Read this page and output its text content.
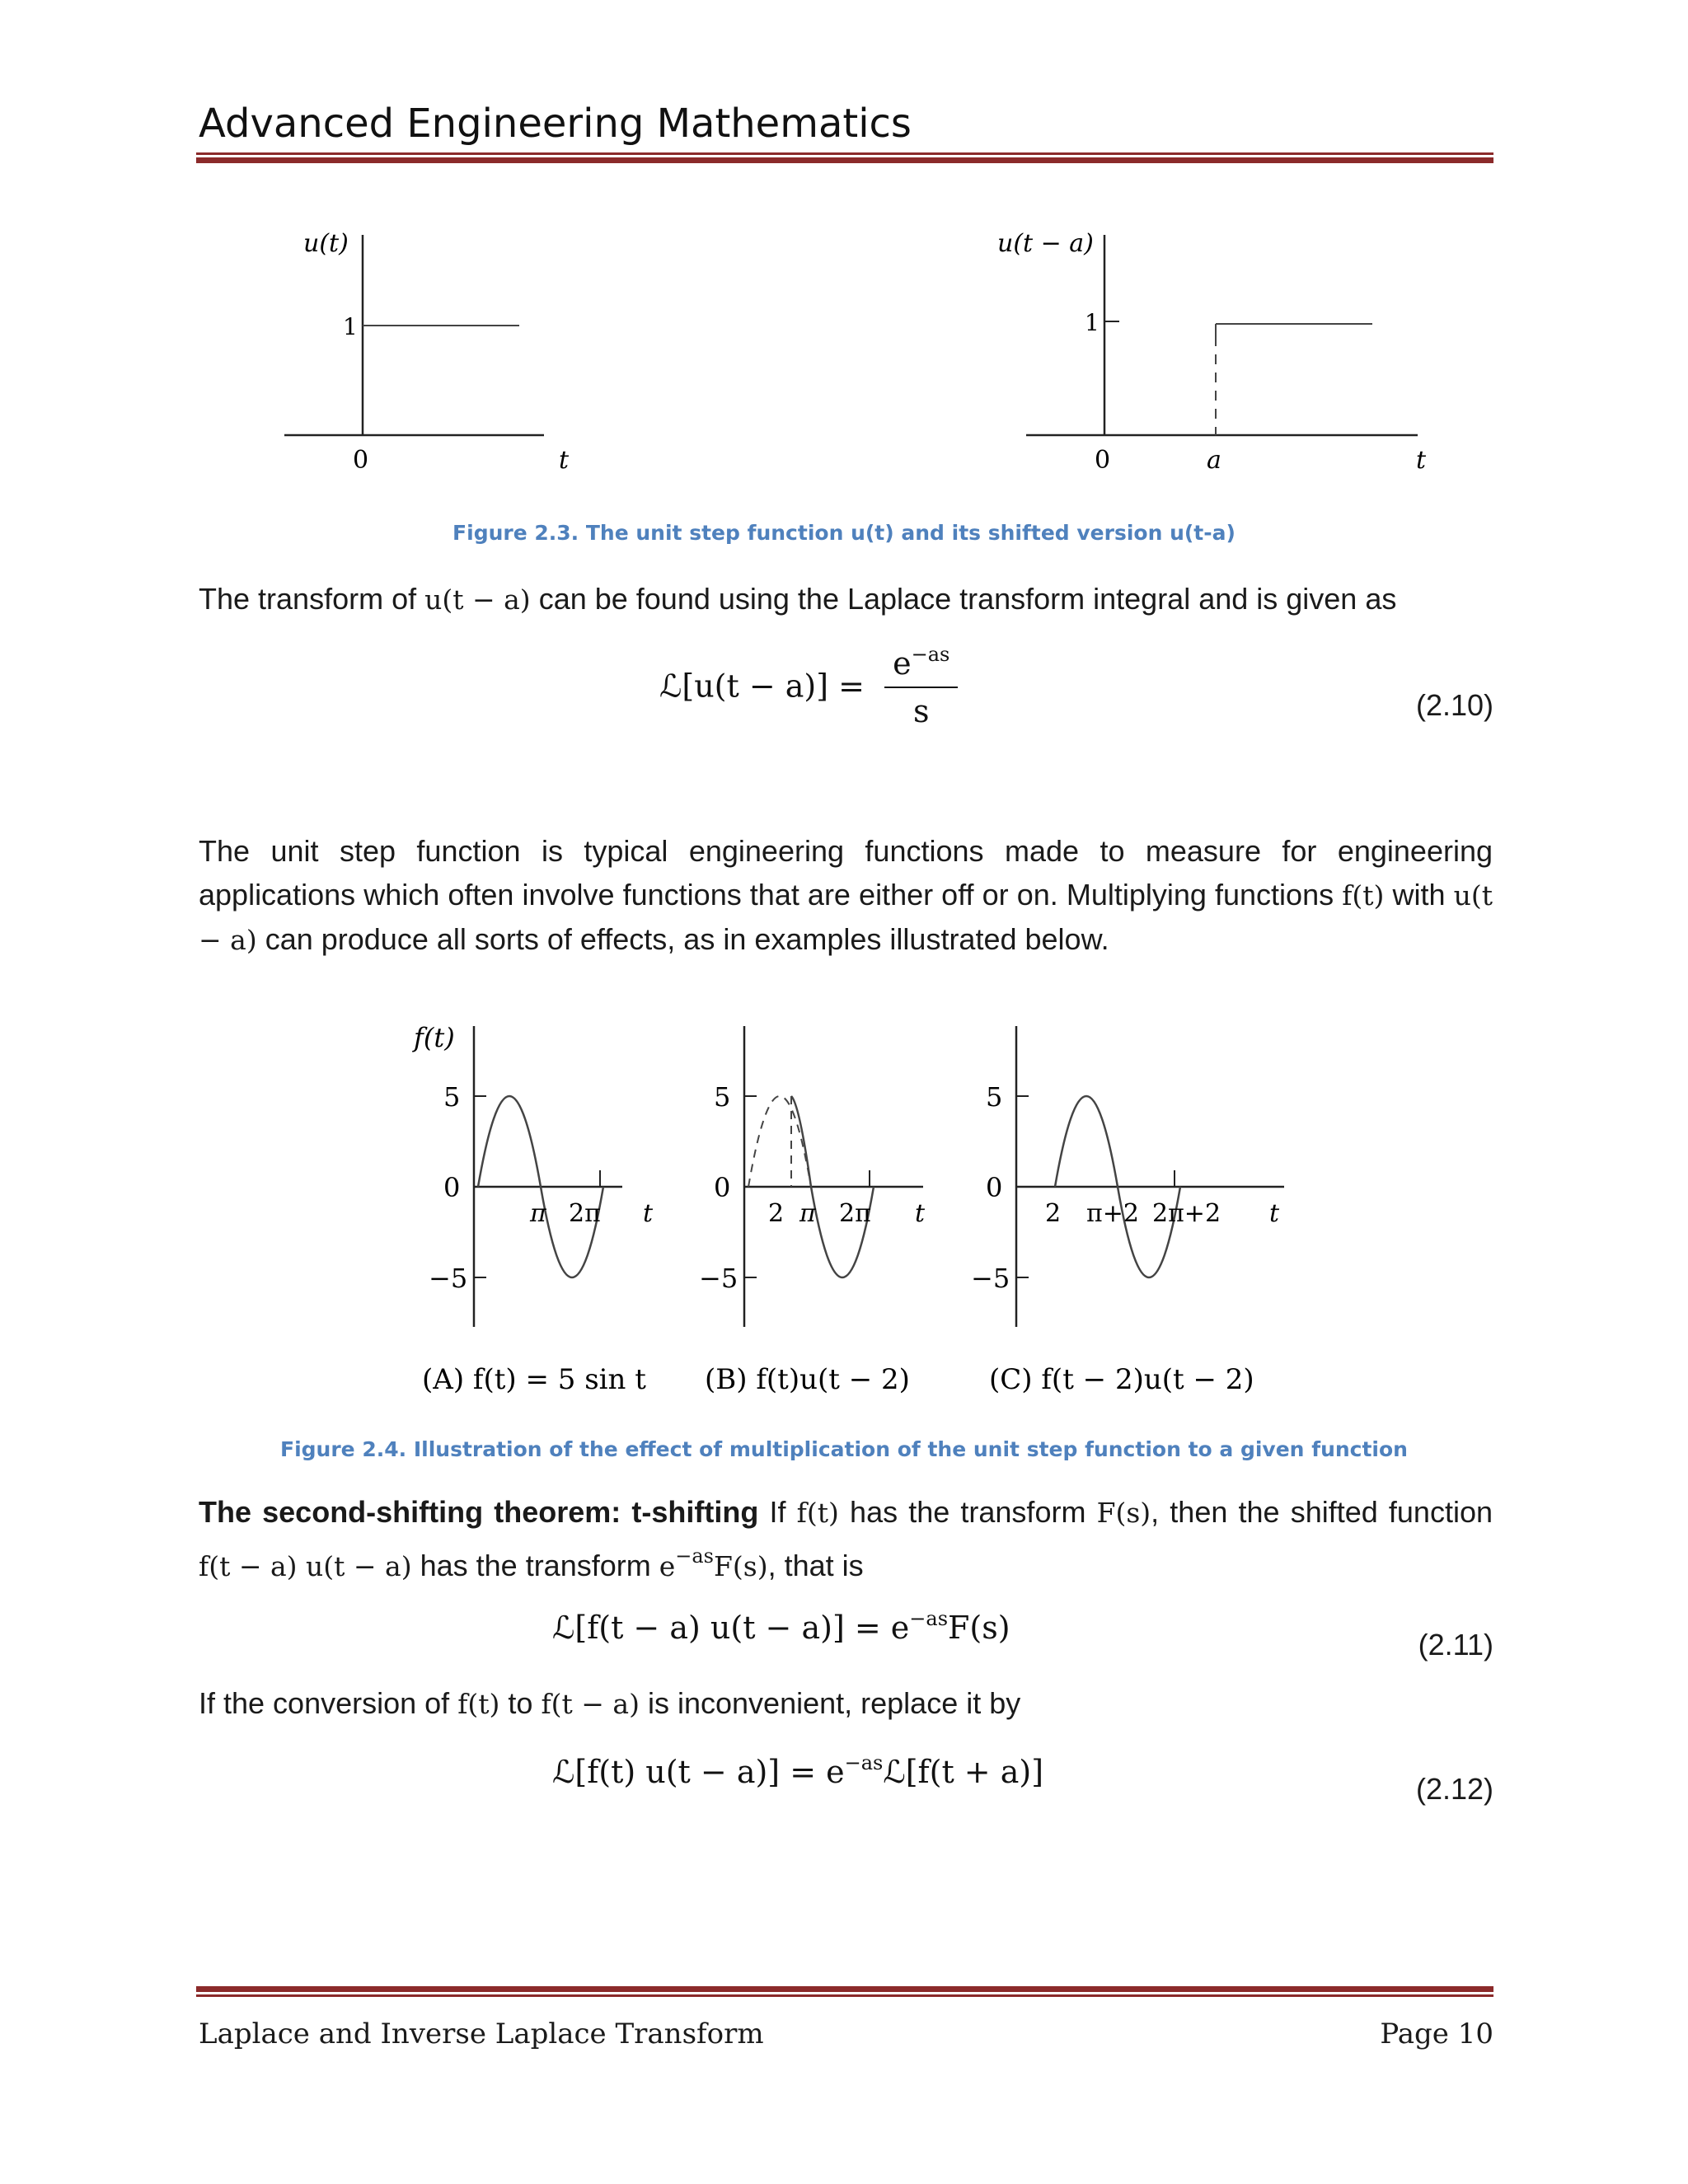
Advanced Engineering Mathematics
u(t)
1
0	t
u(t − a)
1
0	a	t
Figure 2.3. The unit step function u(t) and its shifted version u(t-a)
The transform of u(t − a) can be found using the Laplace transform integral and is given as
ℒ[u(t − $a)] = \frac{e^{-as}}{s}$	(2.10)
The unit step function is typical engineering functions made to measure for engineering applications which often involve functions that are either off or on. Multiplying functions f(t) with u(t − a) can produce all sorts of effects, as in examples illustrated below.
f(t)
5
0
−5
π 2π t
(A) f(t) = 5 sin t
5
0
−5
2 π 2π t
(B) f(t)u(t − 2)
5
0
−5
2 π+2 2π+2 t
(C) f(t − 2)u(t − 2)
Figure 2.4. Illustration of the effect of multiplication of the unit step function to a given function
The second-shifting theorem: t-shifting If f(t) has the transform F(s), then the shifted function f(t − a) u(t − a) has the transform $e^{-as}F(s)$, that is
ℒ[f(t − a) $u(t - a)] = e^{-as}F(s)$	(2.11)
If the conversion of f(t) to f(t − a) is inconvenient, replace it by
ℒ[f(t) $u(t - a)] = e^{-as}ℒ[f(t + a)]$	(2.12)
Laplace and Inverse Laplace Transform	Page 10
